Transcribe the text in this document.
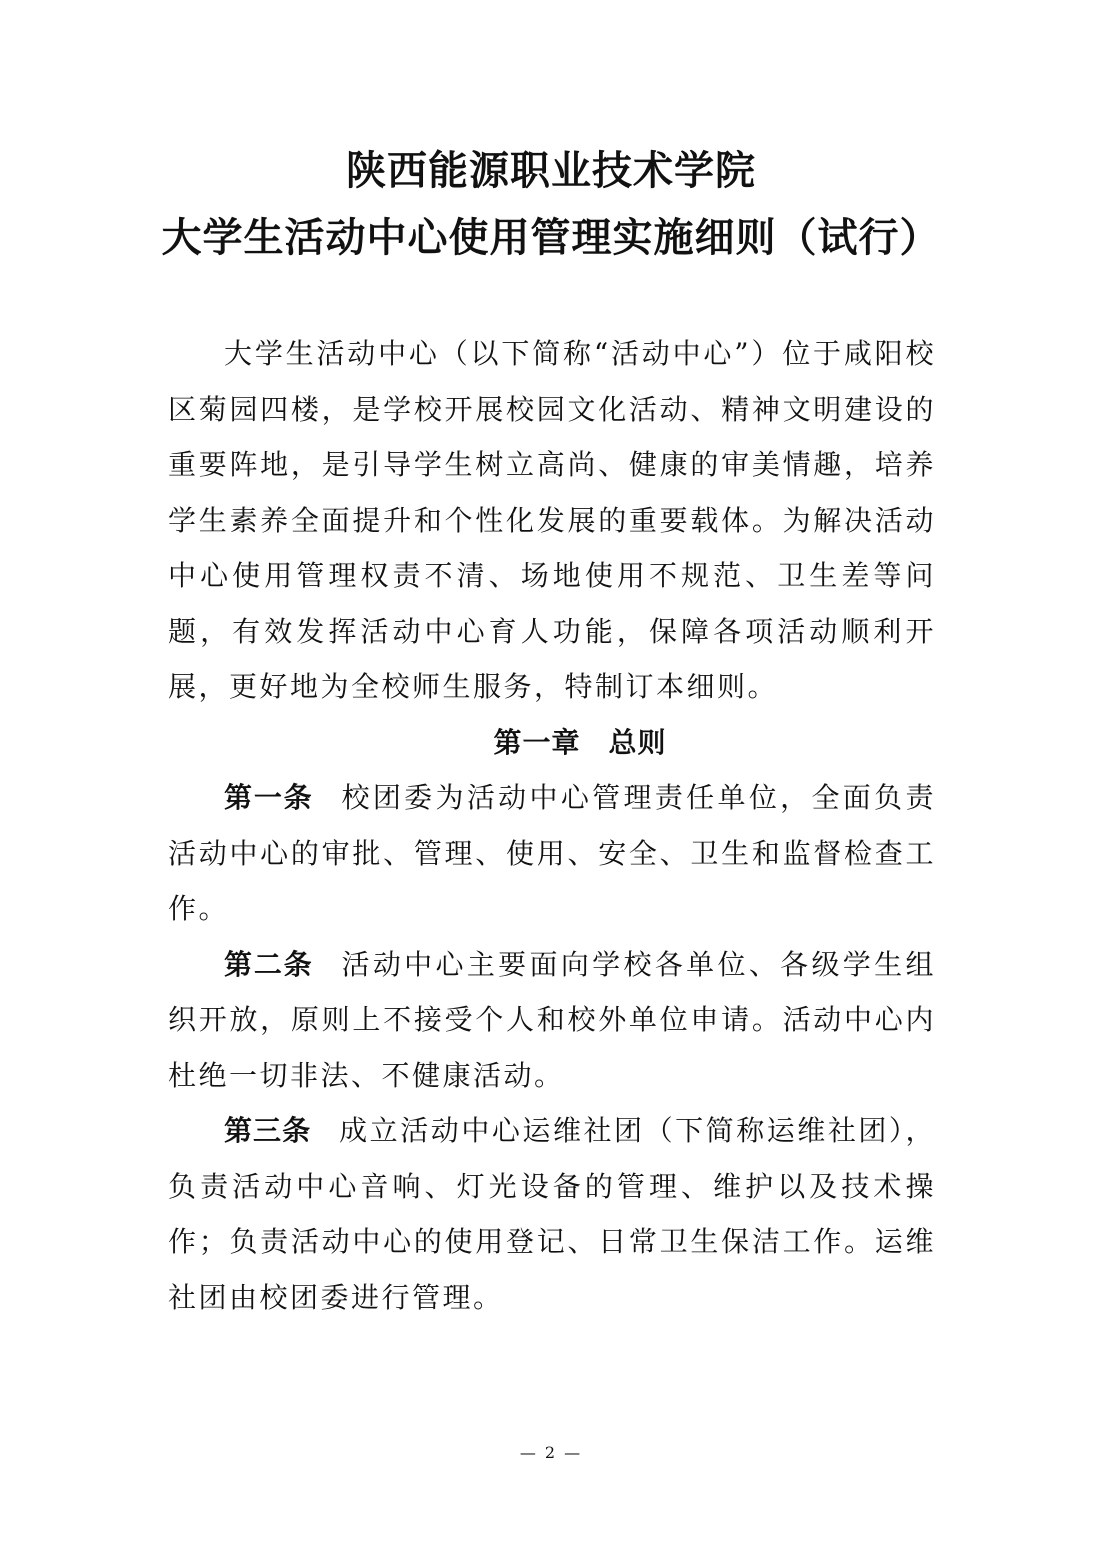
陕西能源职业技术学院
大学生活动中心使用管理实施细则（试行）

大学生活动中心（以下简称“活动中心”）位于咸阳校区菊园四楼，是学校开展校园文化活动、精神文明建设的重要阵地，是引导学生树立高尚、健康的审美情趣，培养学生素养全面提升和个性化发展的重要载体。为解决活动中心使用管理权责不清、场地使用不规范、卫生差等问题，有效发挥活动中心育人功能，保障各项活动顺利开展，更好地为全校师生服务，特制订本细则。

第一章 总则

第一条 校团委为活动中心管理责任单位，全面负责活动中心的审批、管理、使用、安全、卫生和监督检查工作。

第二条 活动中心主要面向学校各单位、各级学生组织开放，原则上不接受个人和校外单位申请。活动中心内杜绝一切非法、不健康活动。

第三条 成立活动中心运维社团（下简称运维社团），负责活动中心音响、灯光设备的管理、维护以及技术操作；负责活动中心的使用登记、日常卫生保洁工作。运维社团由校团委进行管理。

— 2 —
